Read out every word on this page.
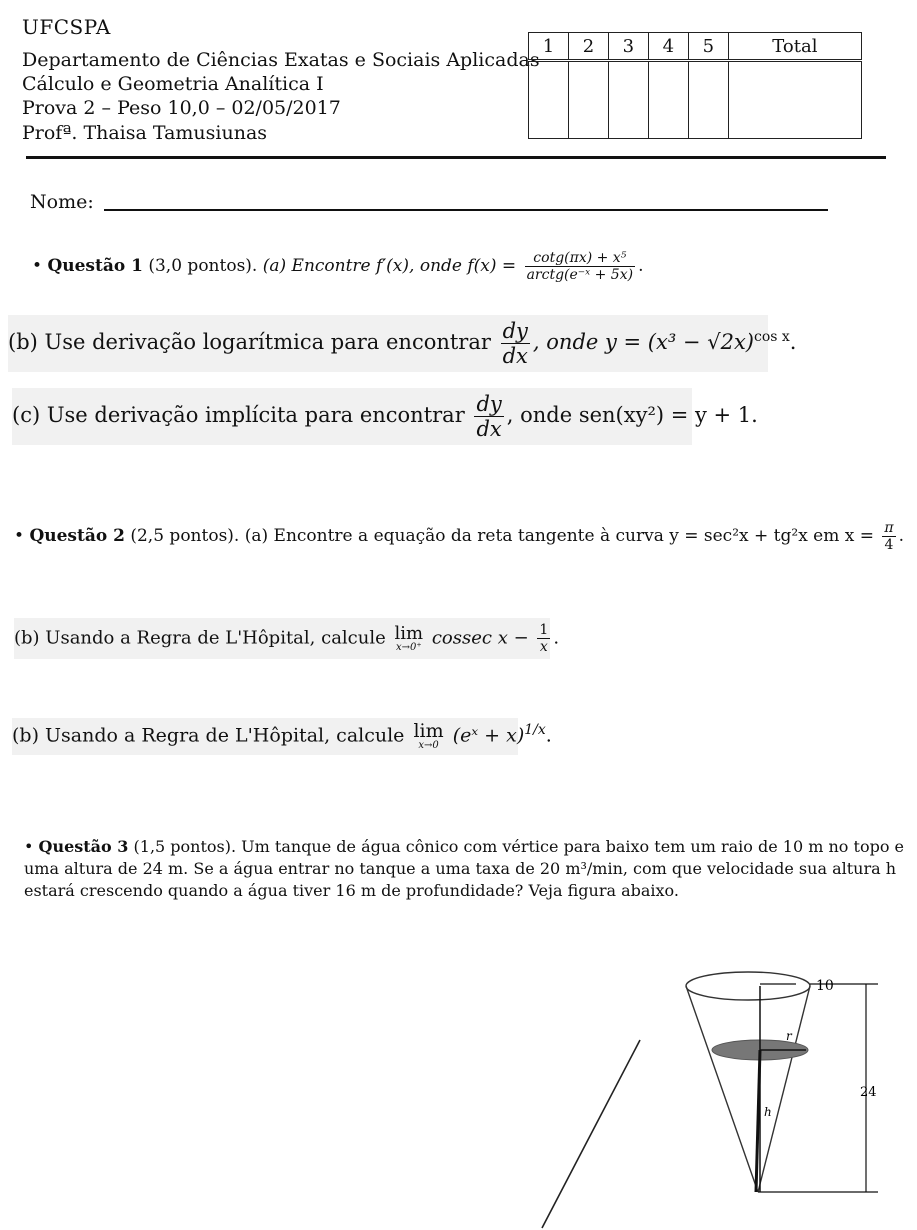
UFCSPA
Departamento de Ciências Exatas e Sociais Aplicadas
Cálculo e Geometria Analítica I
Prova 2 – Peso 10,0 – 02/05/2017
Profª. Thaisa Tamusiunas
1	2	3	4	5	Total

Nome:
• Questão 1 (3,0 pontos). (a) Encontre f′(x), onde $f(x) = \frac{\text{cotg(πx) + x⁵}}{\text{arctg(e⁻ˣ + 5x)}}$ .
(b) Use derivação logarítmica para encontrar $\frac{dy}{dx}$ , onde $y = (x^3 - √2x)^{cos x}$.
(c) Use derivação implícita para encontrar $\frac{dy}{dx}$ , onde sen(xy²) = y + 1.
• Questão 2 (2,5 pontos). (a) Encontre a equação da reta tangente à curva y = sec²x + tg²x em $x = \frac{\pi}{4}$ .
(b) Usando a Regra de L'Hôpital, calcule lim
x→0⁺ cossec $x - \frac{1}{x}$ .
(b) Usando a Regra de L'Hôpital, calcule lim
x→0 (eˣ + x)$^{1/x}$.
• Questão 3 (1,5 pontos). Um tanque de água cônico com vértice para baixo tem um raio de 10 m no topo e uma altura de 24 m. Se a água entrar no tanque a uma taxa de 20 m³/min, com que velocidade sua altura h estará crescendo quando a água tiver 16 m de profundidade? Veja figura abaixo.
10
24
r
h
